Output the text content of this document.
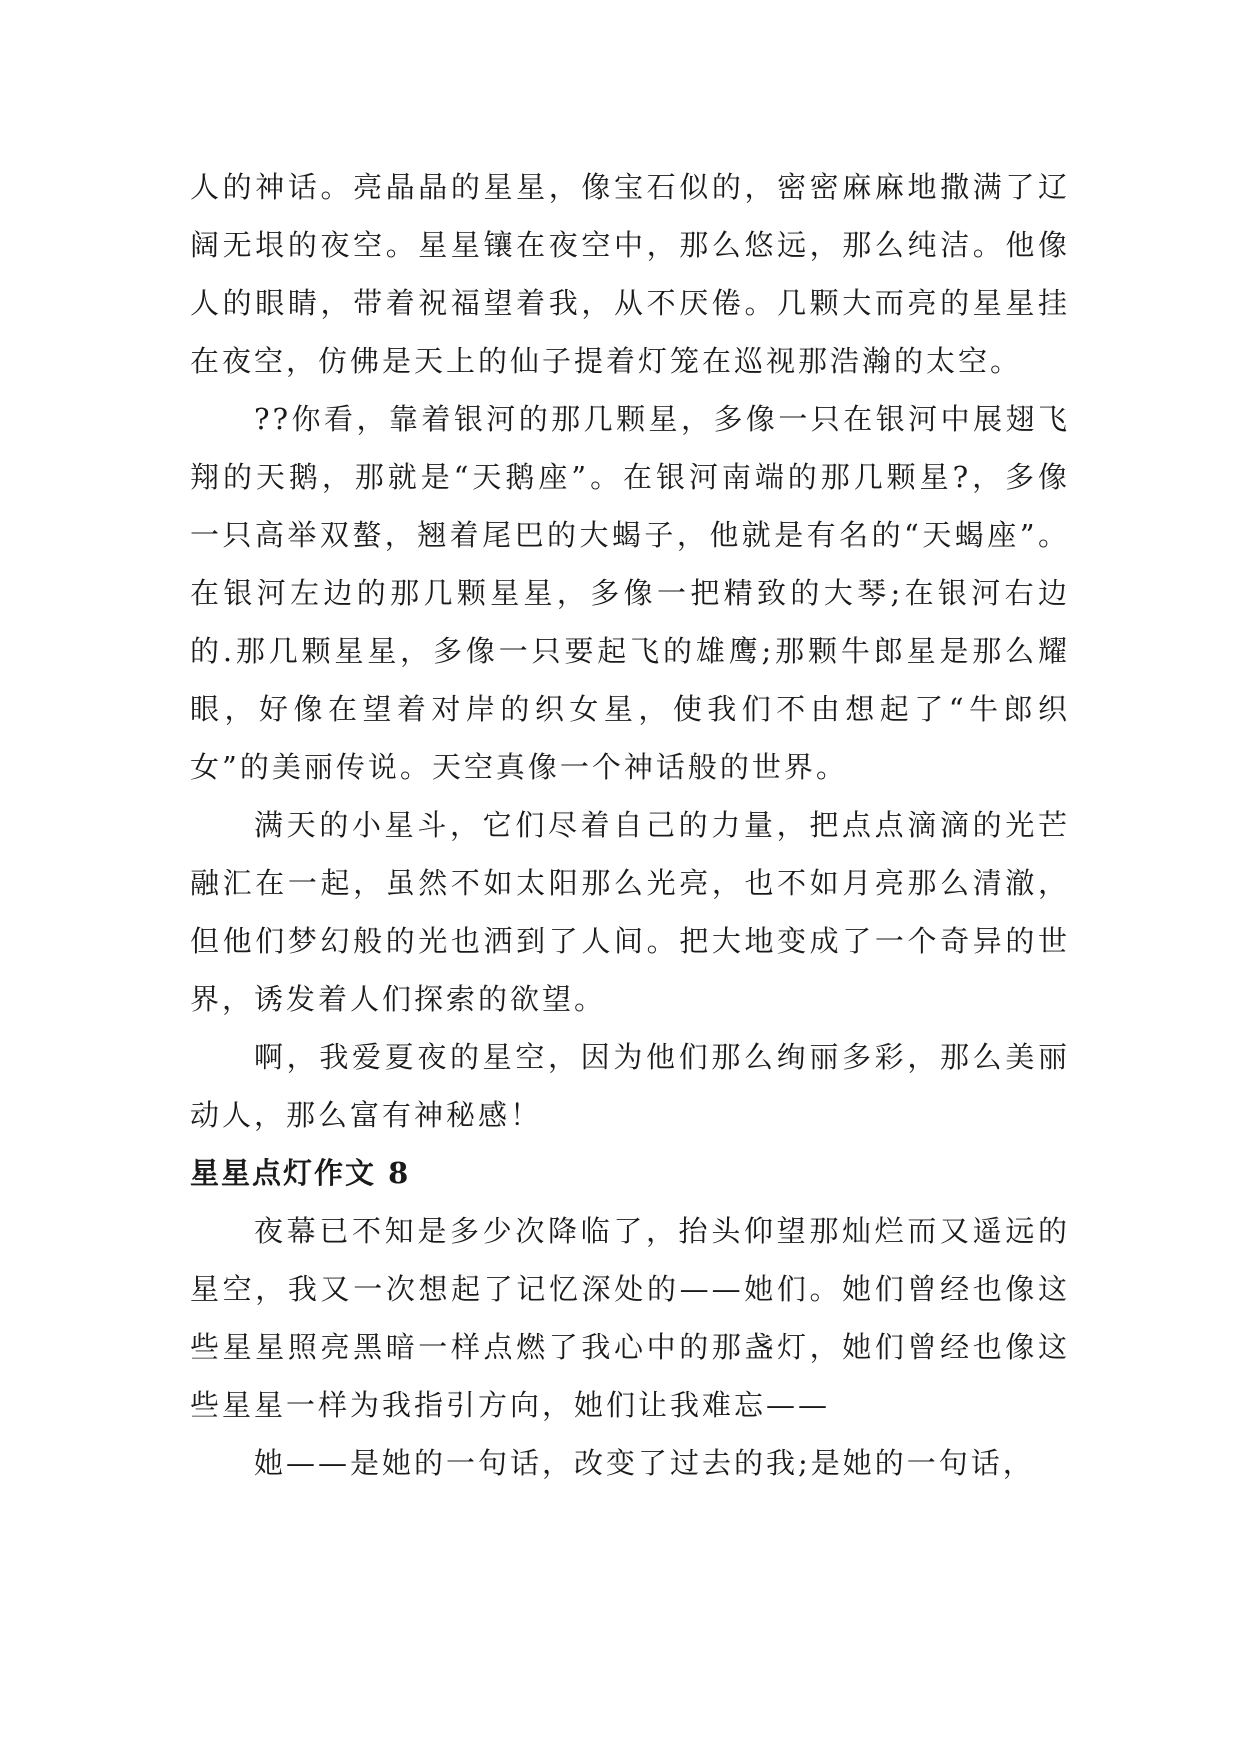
人的神话。亮晶晶的星星，像宝石似的，密密麻麻地撒满了辽阔无垠的夜空。星星镶在夜空中，那么悠远，那么纯洁。他像人的眼睛，带着祝福望着我，从不厌倦。几颗大而亮的星星挂在夜空，仿佛是天上的仙子提着灯笼在巡视那浩瀚的太空。

??你看，靠着银河的那几颗星，多像一只在银河中展翅飞翔的天鹅，那就是“天鹅座”。在银河南端的那几颗星?，多像一只高举双螯，翘着尾巴的大蝎子，他就是有名的“天蝎座”。在银河左边的那几颗星星，多像一把精致的大琴;在银河右边的.那几颗星星，多像一只要起飞的雄鹰;那颗牛郎星是那么耀眼，好像在望着对岸的织女星，使我们不由想起了“牛郎织女”的美丽传说。天空真像一个神话般的世界。

满天的小星斗，它们尽着自己的力量，把点点滴滴的光芒融汇在一起，虽然不如太阳那么光亮，也不如月亮那么清澈，但他们梦幻般的光也洒到了人间。把大地变成了一个奇异的世界，诱发着人们探索的欲望。

啊，我爱夏夜的星空，因为他们那么绚丽多彩，那么美丽动人，那么富有神秘感！

星星点灯作文 8

夜幕已不知是多少次降临了，抬头仰望那灿烂而又遥远的星空，我又一次想起了记忆深处的——她们。她们曾经也像这些星星照亮黑暗一样点燃了我心中的那盏灯，她们曾经也像这些星星一样为我指引方向，她们让我难忘——

她——是她的一句话，改变了过去的我;是她的一句话，
